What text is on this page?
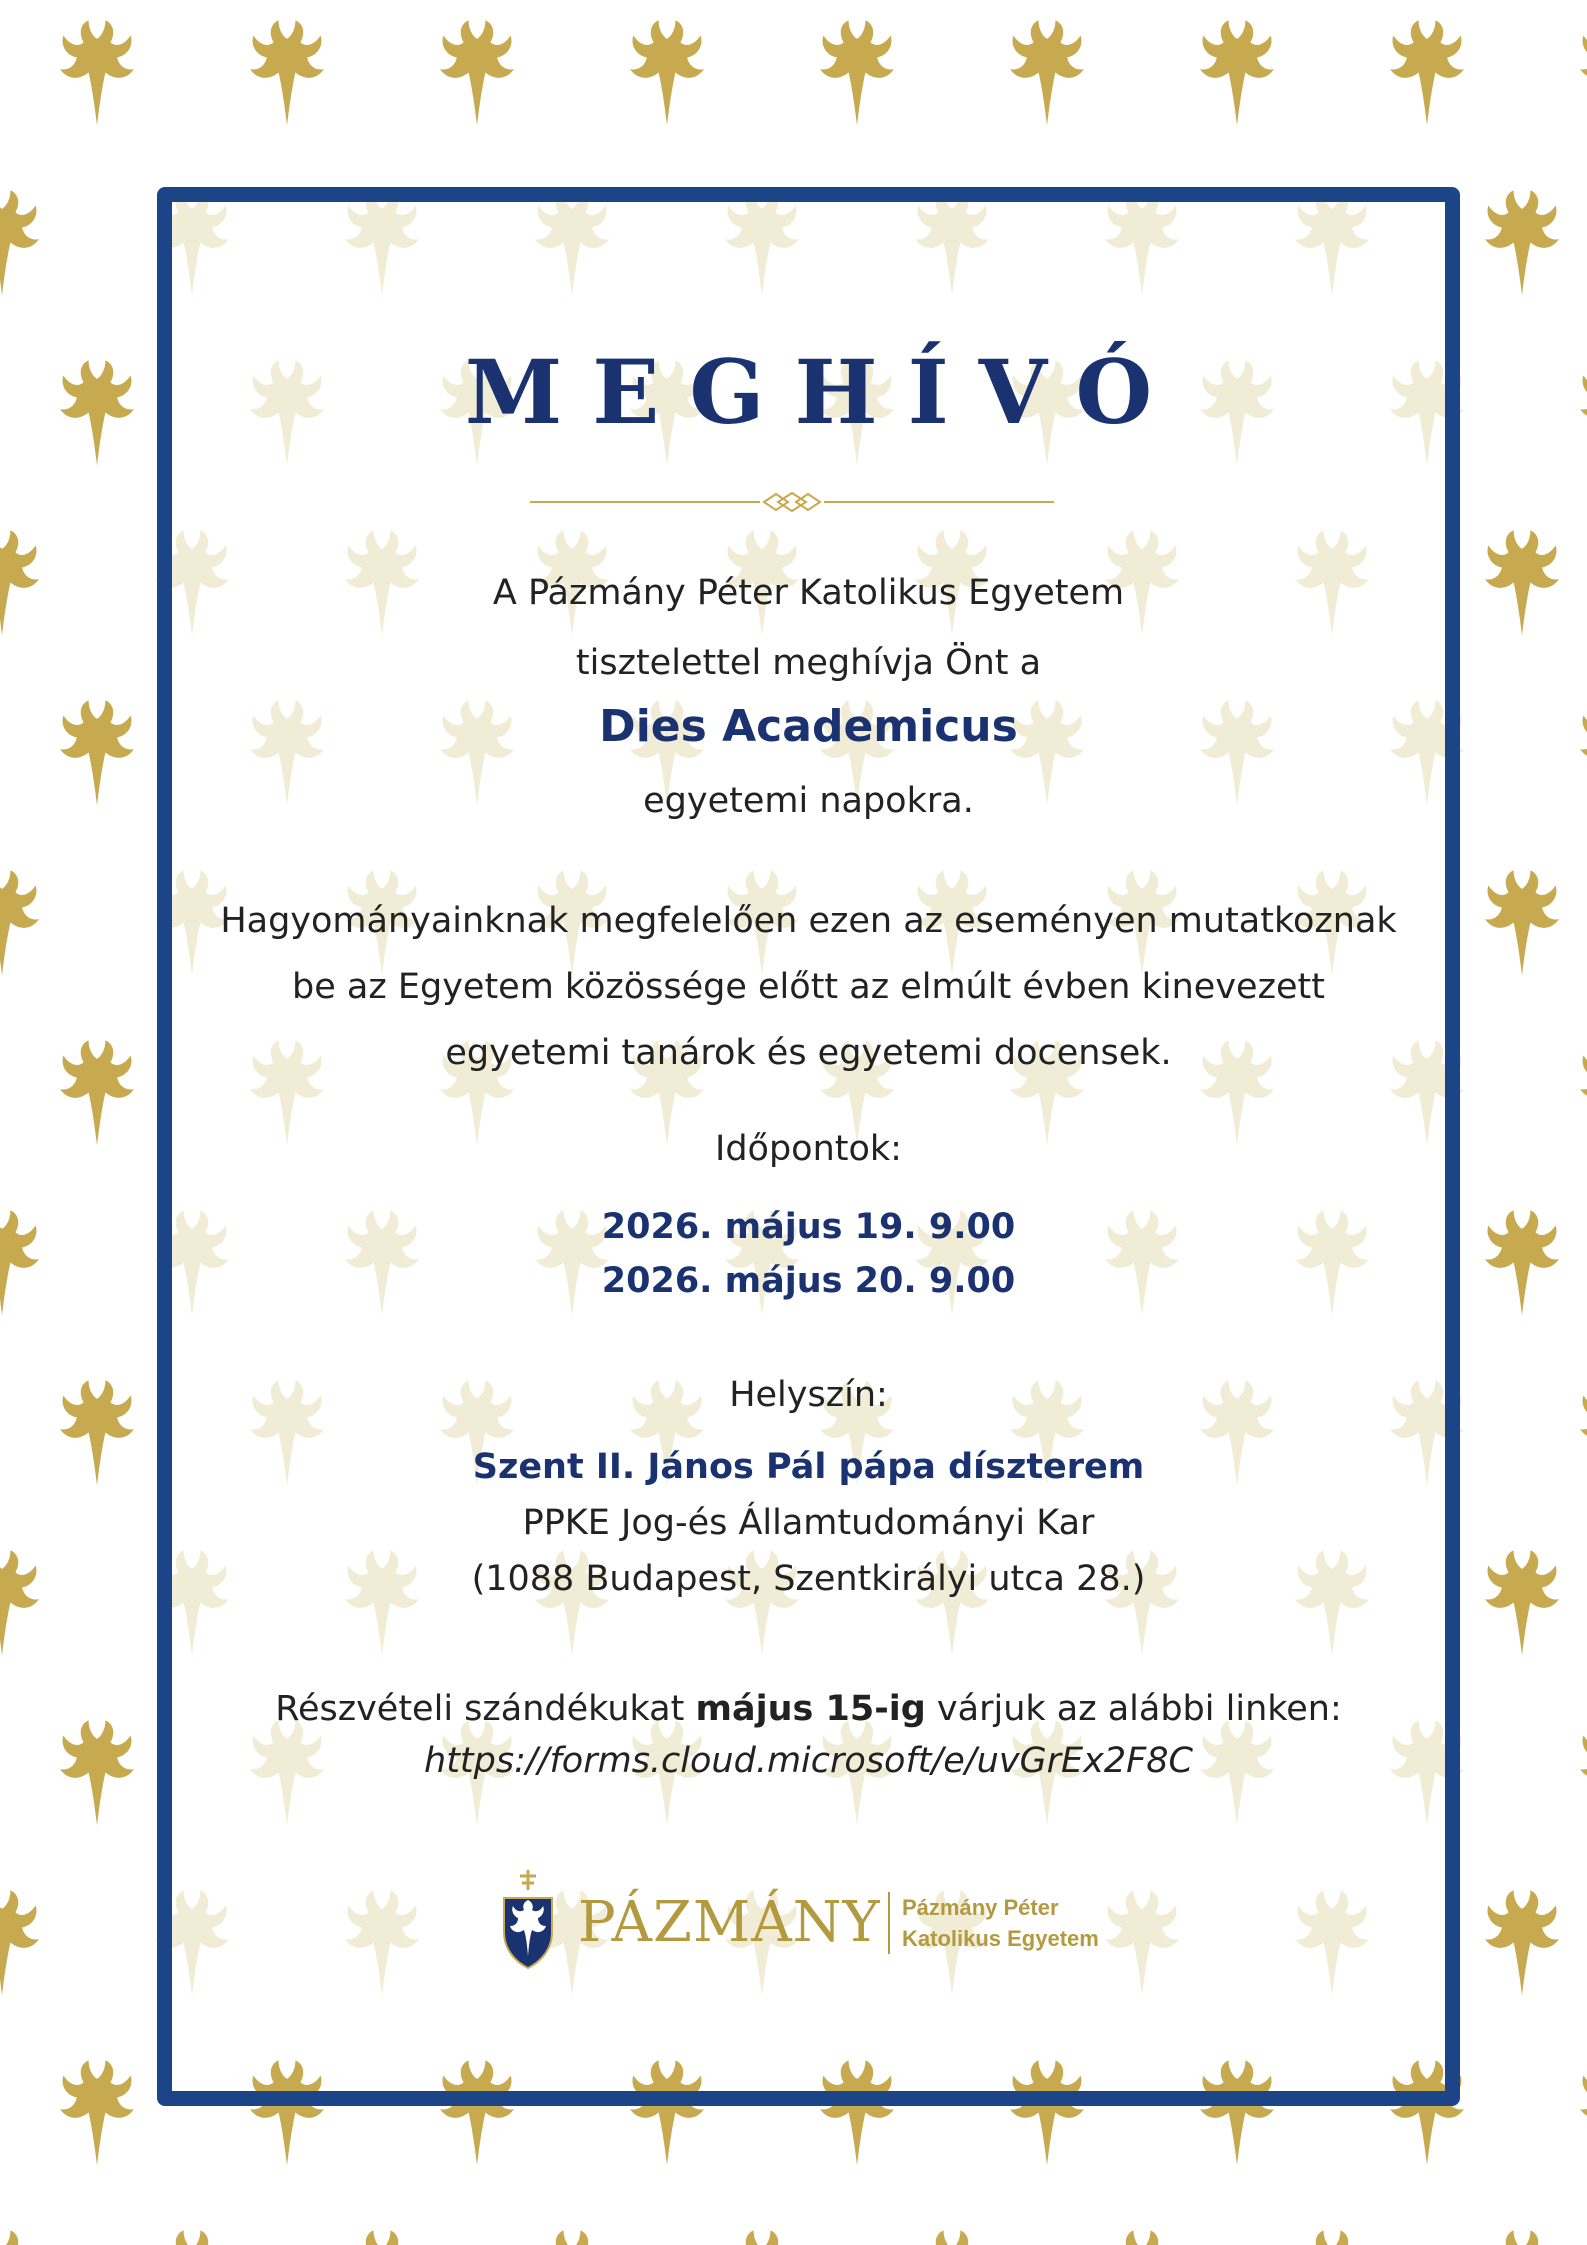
MEGHÍVÓ
A Pázmány Péter Katolikus Egyetem
tisztelettel meghívja Önt a
Dies Academicus
egyetemi napokra.
Hagyományainknak megfelelően ezen az eseményen mutatkoznak
be az Egyetem közössége előtt az elmúlt évben kinevezett
egyetemi tanárok és egyetemi docensek.
Időpontok:
2026. május 19. 9.00
2026. május 20. 9.00
Helyszín:
Szent II. János Pál pápa díszterem
PPKE Jog-és Államtudományi Kar
(1088 Budapest, Szentkirályi utca 28.)
Részvételi szándékukat május 15-ig várjuk az alábbi linken:
https://forms.cloud.microsoft/e/uvGrEx2F8C
PÁZMÁNY Pázmány Péter
Katolikus Egyetem
